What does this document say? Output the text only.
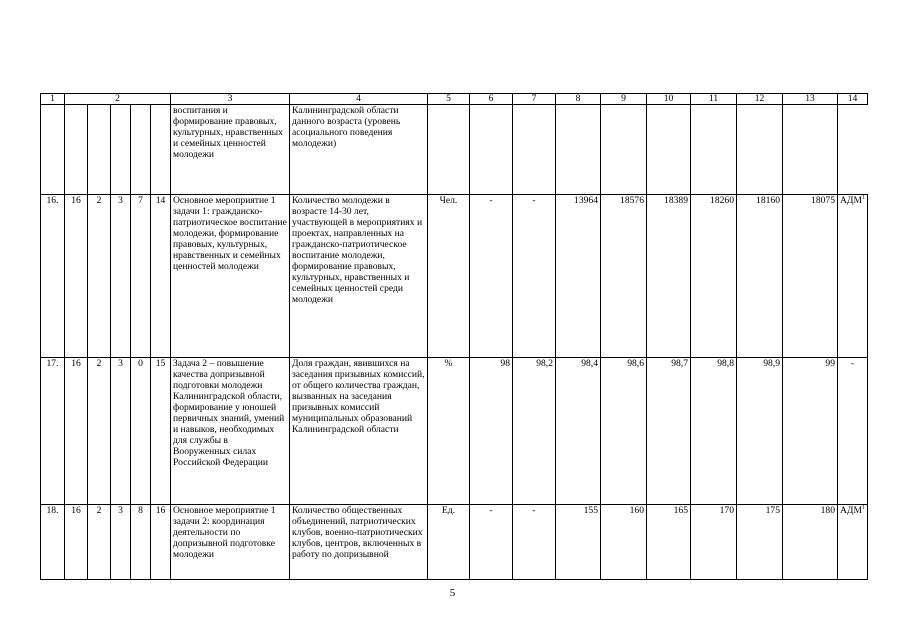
1	2					3	4	5	6	7	8	9	10	11	12	13	14
						воспитания и формирование правовых, культурных, нравственных и семейных ценностей молодежи	Калининградской области данного возраста (уровень асоциального поведения молодежи)										
16.	16	2	3	7	14	Основное мероприятие 1 задачи 1: гражданско-патриотическое воспитание молодежи, формирование правовых, культурных, нравственных и семейных ценностей молодежи	Количество молодежи в возрасте 14-30 лет, участвующей в мероприятиях и проектах, направленных на гражданско-патриотическое воспитание молодежи, формирование правовых, культурных, нравственных и семейных ценностей среди молодежи	Чел.	-	-	13964	18576	18389	18260	18160	18075	АДМ$^1$
17.	16	2	3	0	15	Задача 2 – повышение качества допризывной подготовки молодежи Калининградской области, формирование у юношей первичных знаний, умений и навыков, необходимых для службы в Вооруженных силах Российской Федерации	Доля граждан, явившихся на заседания призывных комиссий, от общего количества граждан, вызванных на заседания призывных комиссий муниципальных образований Калининградской области	%	98	98,2	98,4	98,6	98,7	98,8	98,9	99	-
18.	16	2	3	8	16	Основное мероприятие 1 задачи 2: координация деятельности по допризывной подготовке молодежи	Количество общественных объединений, патриотических клубов, военно-патриотических клубов, центров, включенных в работу по допризывной	Ед.	-	-	155	160	165	170	175	180	АДМ$^1$
5
